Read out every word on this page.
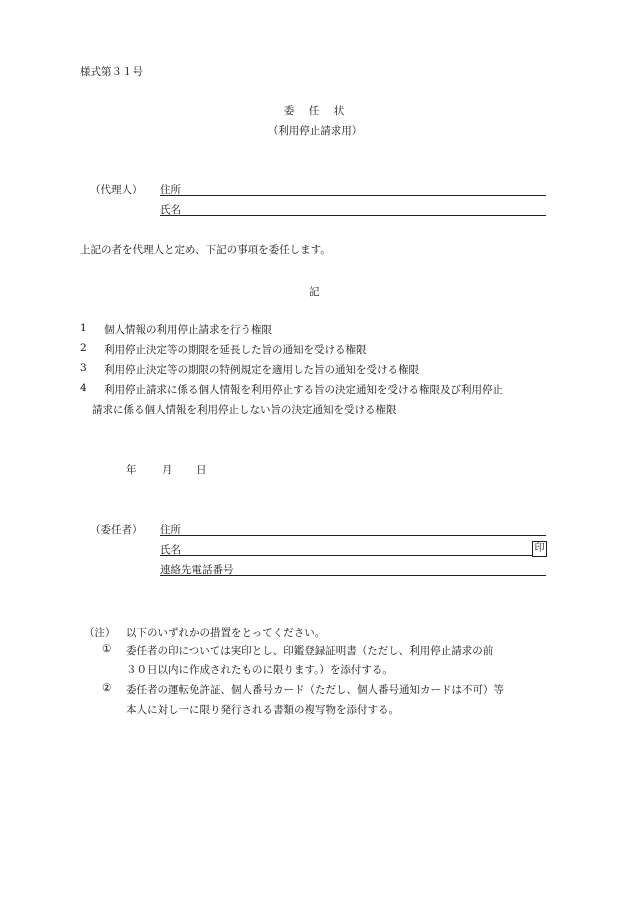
様式第３１号
委　任　状
（利用停止請求用）
（代理人） 住所
氏名
上記の者を代理人と定め、下記の事項を委任します。
記
1 個人情報の利用停止請求を行う権限
2 利用停止決定等の期限を延長した旨の通知を受ける権限
3 利用停止決定等の期限の特例規定を適用した旨の通知を受ける権限
4 利用停止請求に係る個人情報を利用停止する旨の決定通知を受ける権限及び利用停止
請求に係る個人情報を利用停止しない旨の決定通知を受ける権限
年 月 日
（委任者） 住所
氏名	印
連絡先電話番号
（注） 以下のいずれかの措置をとってください。
① 委任者の印については実印とし、印鑑登録証明書（ただし、利用停止請求の前
３０日以内に作成されたものに限ります。）を添付する。
② 委任者の運転免許証、個人番号カード（ただし、個人番号通知カードは不可）等
本人に対し一に限り発行される書類の複写物を添付する。
